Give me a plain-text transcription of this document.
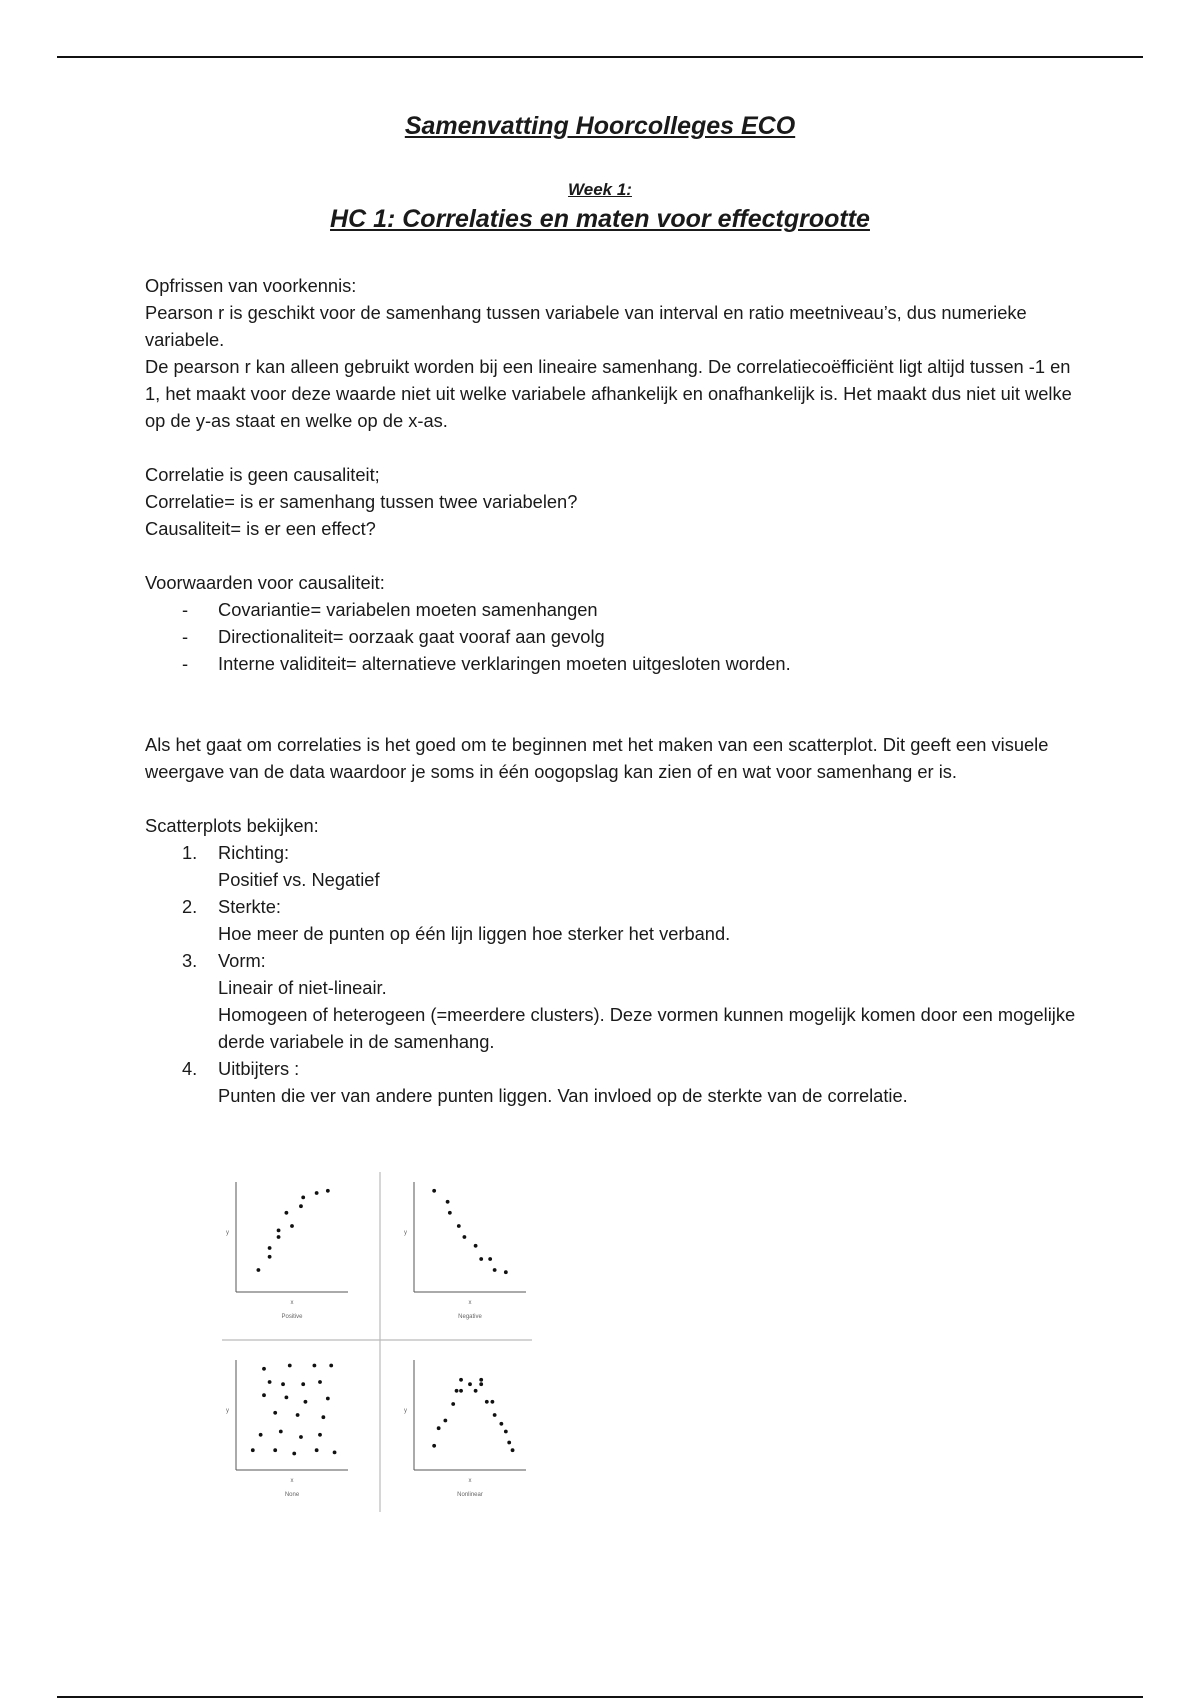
Samenvatting Hoorcolleges ECO
Week 1:
HC 1: Correlaties en maten voor effectgrootte

Opfrissen van voorkennis:

Pearson r is geschikt voor de samenhang tussen variabele van interval en ratio meetniveau’s, dus numerieke variabele.

De pearson r kan alleen gebruikt worden bij een lineaire samenhang. De correlatiecoëfficiënt ligt altijd tussen -1 en 1, het maakt voor deze waarde niet uit welke variabele afhankelijk en onafhankelijk is. Het maakt dus niet uit welke op de y-as staat en welke op de x-as.

Correlatie is geen causaliteit;

Correlatie= is er samenhang tussen twee variabelen?

Causaliteit= is er een effect?

Voorwaarden voor causaliteit:

- Covariantie= variabelen moeten samenhangen
- Directionaliteit= oorzaak gaat vooraf aan gevolg
- Interne validiteit= alternatieve verklaringen moeten uitgesloten worden.

Als het gaat om correlaties is het goed om te beginnen met het maken van een scatterplot. Dit geeft een visuele weergave van de data waardoor je soms in één oogopslag kan zien of en wat voor samenhang er is.

Scatterplots bekijken:

1. Richting:
Positief vs. Negatief
2. Sterkte:
Hoe meer de punten op één lijn liggen hoe sterker het verband.
3. Vorm:
Lineair of niet-lineair.
Homogeen of heterogeen (=meerdere clusters). Deze vormen kunnen mogelijk komen door een mogelijke derde variabele in de samenhang.
4. Uitbijters :
Punten die ver van andere punten liggen. Van invloed op de sterkte van de correlatie.
y
x
Positive
y
x
Negative
y
x
None
y
x
Nonlinear
